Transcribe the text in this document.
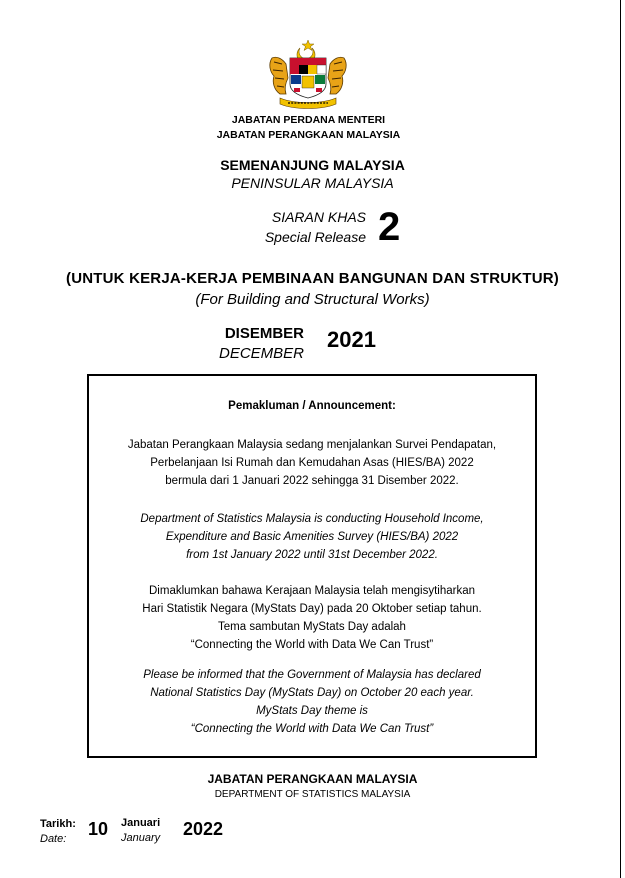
JABATAN PERDANA MENTERI
JABATAN PERANGKAAN MALAYSIA
SEMENANJUNG MALAYSIA
PENINSULAR MALAYSIA
SIARAN KHAS
Special Release 2
(UNTUK KERJA-KERJA PEMBINAAN BANGUNAN DAN STRUKTUR)
(For Building and Structural Works)
DISEMBER
DECEMBER
2021
Pemakluman / Announcement:
Jabatan Perangkaan Malaysia sedang menjalankan Survei Pendapatan,
Perbelanjaan Isi Rumah dan Kemudahan Asas (HIES/BA) 2022
bermula dari 1 Januari 2022 sehingga 31 Disember 2022.
Department of Statistics Malaysia is conducting Household Income,
Expenditure and Basic Amenities Survey (HIES/BA) 2022
from 1st January 2022 until 31st December 2022.
Dimaklumkan bahawa Kerajaan Malaysia telah mengisytiharkan
Hari Statistik Negara (MyStats Day) pada 20 Oktober setiap tahun.
Tema sambutan MyStats Day adalah
“Connecting the World with Data We Can Trust”
Please be informed that the Government of Malaysia has declared
National Statistics Day (MyStats Day) on October 20 each year.
MyStats Day theme is
“Connecting the World with Data We Can Trust”
JABATAN PERANGKAAN MALAYSIA
DEPARTMENT OF STATISTICS MALAYSIA
Tarikh:
Date: 10 Januari
January 2022
